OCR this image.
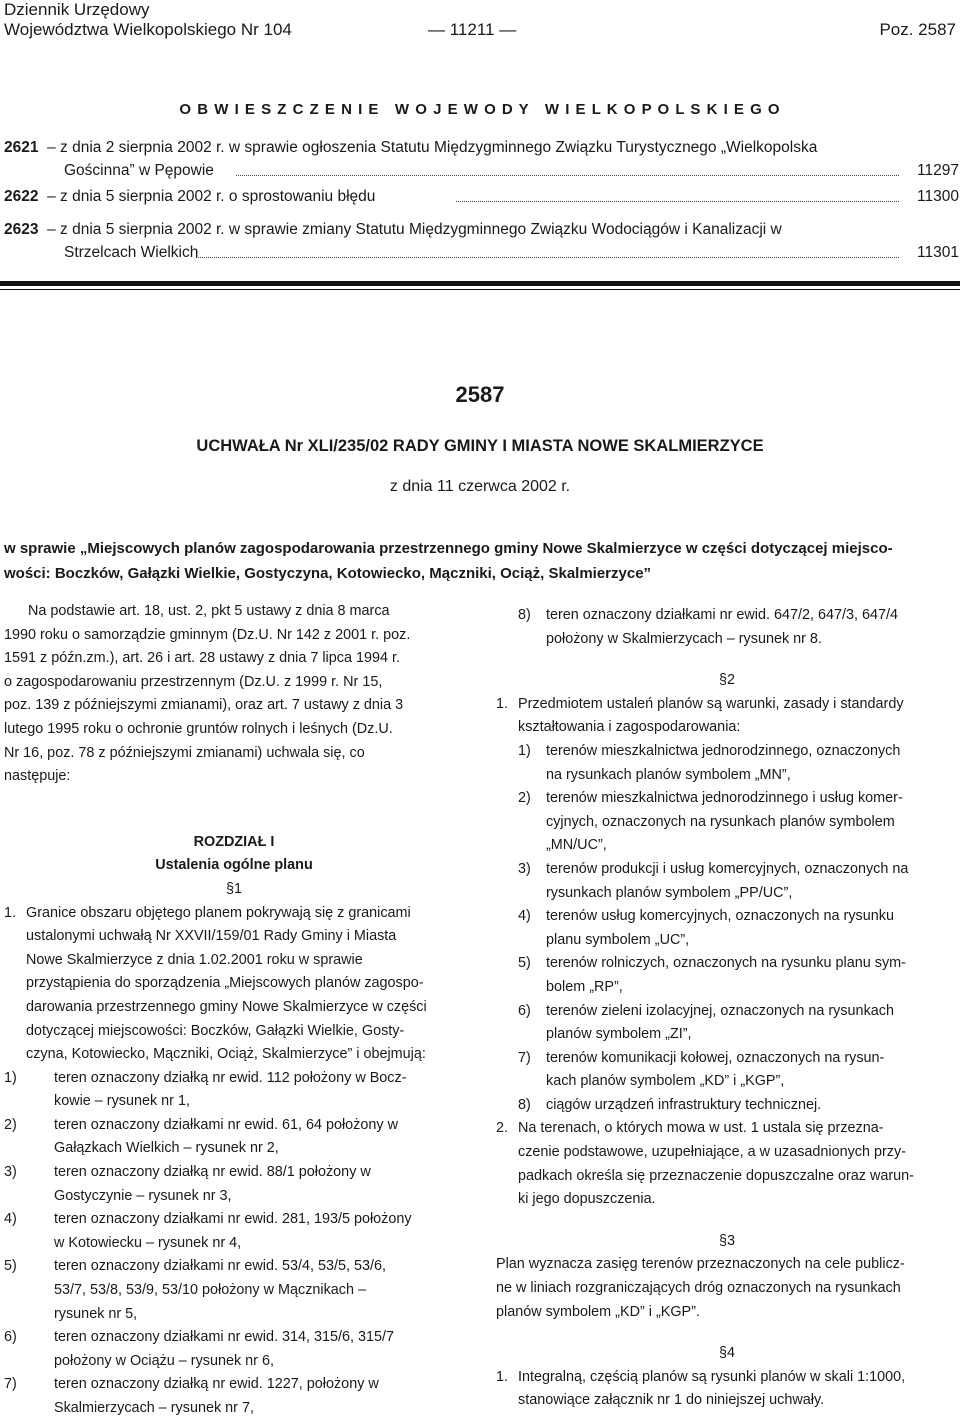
Dziennik Urzędowy
Województwa Wielkopolskiego Nr 104	— 11211 —	Poz. 2587
O B W I E S Z C Z E N I E   W O J E W O D Y   W I E L K O P O L S K I E G O
2621 – z dnia 2 sierpnia 2002 r. w sprawie ogłoszenia Statutu Międzygminnego Związku Turystycznego „Wielkopolska
Gościnna” w Pępowie	11297
2622 – z dnia 5 sierpnia 2002 r. o sprostowaniu błędu	11300
2623 – z dnia 5 sierpnia 2002 r. w sprawie zmiany Statutu Międzygminnego Związku Wodociągów i Kanalizacji w
Strzelcach Wielkich	11301
2587
UCHWAŁA Nr XLI/235/02 RADY GMINY I MIASTA NOWE SKALMIERZYCE
z dnia 11 czerwca 2002 r.
w sprawie „Miejscowych planów zagospodarowania przestrzennego gminy Nowe Skalmierzyce w części dotyczącej miejsco-
wości: Boczków, Gałązki Wielkie, Gostyczyna, Kotowiecko, Mączniki, Ociąż, Skalmierzyce”
Na podstawie art. 18, ust. 2, pkt 5 ustawy z dnia 8 marca
1990 roku o samorządzie gminnym (Dz.U. Nr 142 z 2001 r. poz.
1591 z późn.zm.), art. 26 i art. 28 ustawy z dnia 7 lipca 1994 r.
o zagospodarowaniu przestrzennym (Dz.U. z 1999 r. Nr 15,
poz. 139 z późniejszymi zmianami), oraz art. 7 ustawy z dnia 3
lutego 1995 roku o ochronie gruntów rolnych i leśnych (Dz.U.
Nr 16, poz. 78 z późniejszymi zmianami) uchwala się, co
następuje:
ROZDZIAŁ I
Ustalenia ogólne planu
§1
1. Granice obszaru objętego planem pokrywają się z granicami
ustalonymi uchwałą Nr XXVII/159/01 Rady Gminy i Miasta
Nowe Skalmierzyce z dnia 1.02.2001 roku w sprawie
przystąpienia do sporządzenia „Miejscowych planów zagospo-
darowania przestrzennego gminy Nowe Skalmierzyce w części
dotyczącej miejscowości: Boczków, Gałązki Wielkie, Gosty-
czyna, Kotowiecko, Mączniki, Ociąż, Skalmierzyce” i obejmują:
1)	teren oznaczony działką nr ewid. 112 położony w Bocz-
kowie – rysunek nr 1,
2)	teren oznaczony działkami nr ewid. 61, 64 położony w
Gałązkach Wielkich – rysunek nr 2,
3)	teren oznaczony działką nr ewid. 88/1 położony w
Gostyczynie – rysunek nr 3,
4)	teren oznaczony działkami nr ewid. 281, 193/5 położony
w Kotowiecku – rysunek nr 4,
5)	teren oznaczony działkami nr ewid. 53/4, 53/5, 53/6,
53/7, 53/8, 53/9, 53/10 położony w Mącznikach –
rysunek nr 5,
6)	teren oznaczony działkami nr ewid. 314, 315/6, 315/7
położony w Ociążu – rysunek nr 6,
7)	teren oznaczony działką nr ewid. 1227, położony w
Skalmierzycach – rysunek nr 7,
8) teren oznaczony działkami nr ewid. 647/2, 647/3, 647/4
położony w Skalmierzycach – rysunek nr 8.
§2
1. Przedmiotem ustaleń planów są warunki, zasady i standardy
kształtowania i zagospodarowania:
1) terenów mieszkalnictwa jednorodzinnego, oznaczonych
na rysunkach planów symbolem „MN”,
2) terenów mieszkalnictwa jednorodzinnego i usług komer-
cyjnych, oznaczonych na rysunkach planów symbolem
„MN/UC”,
3) terenów produkcji i usług komercyjnych, oznaczonych na
rysunkach planów symbolem „PP/UC”,
4) terenów usług komercyjnych, oznaczonych na rysunku
planu symbolem „UC”,
5) terenów rolniczych, oznaczonych na rysunku planu sym-
bolem „RP”,
6) terenów zieleni izolacyjnej, oznaczonych na rysunkach
planów symbolem „ZI”,
7) terenów komunikacji kołowej, oznaczonych na rysun-
kach planów symbolem „KD” i „KGP”,
8) ciągów urządzeń infrastruktury technicznej.
2. Na terenach, o których mowa w ust. 1 ustala się przezna-
czenie podstawowe, uzupełniające, a w uzasadnionych przy-
padkach określa się przeznaczenie dopuszczalne oraz warun-
ki jego dopuszczenia.
§3
Plan wyznacza zasięg terenów przeznaczonych na cele publicz-
ne w liniach rozgraniczających dróg oznaczonych na rysunkach
planów symbolem „KD” i „KGP”.
§4
1. Integralną, częścią planów są rysunki planów w skali 1:1000,
stanowiące załącznik nr 1 do niniejszej uchwały.
